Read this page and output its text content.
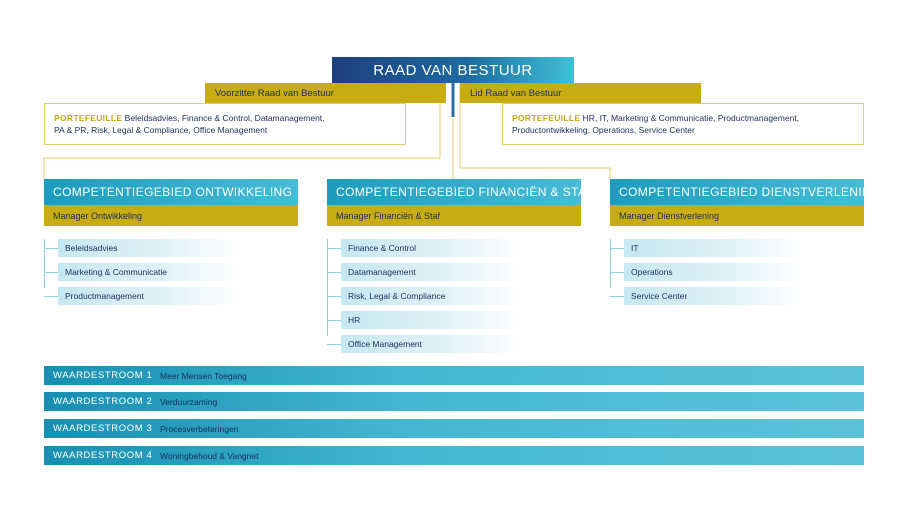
RAAD VAN BESTUUR
Voorzitter Raad van Bestuur
PORTEFEUILLE Beleidsadvies, Finance & Control, Datamanagement,
PA & PR, Risk, Legal & Compliance, Office Management
Lid Raad van Bestuur
PORTEFEUILLE HR, IT, Marketing & Communicatie, Productmanagement,
Productontwikkeling, Operations, Service Center
COMPETENTIEGEBIED ONTWIKKELING
Manager Ontwikkeling
Beleidsadvies
Marketing & Communicatie
Productmanagement
COMPETENTIEGEBIED FINANCIËN & STAF
Manager Financiën & Staf
Finance & Control
Datamanagement
Risk, Legal & Compliance
HR
Office Management
COMPETENTIEGEBIED DIENSTVERLENING
Manager Dienstverlening
IT
Operations
Service Center
WAARDESTROOM 1 Meer Mensen Toegang
WAARDESTROOM 2 Verduurzaming
WAARDESTROOM 3 Procesverbeteringen
WAARDESTROOM 4 Woningbehoud & Vangnet
